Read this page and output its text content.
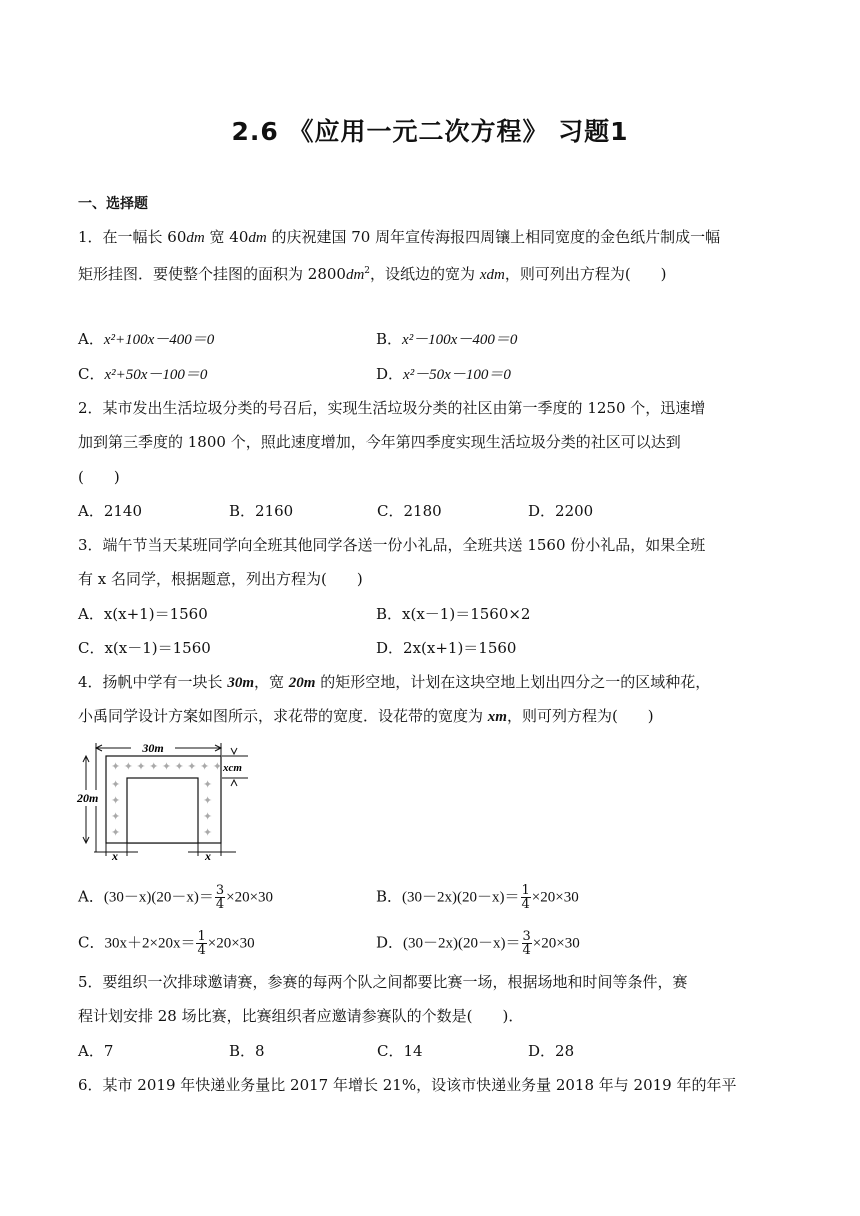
2.6 《应用一元二次方程》 习题1
一、选择题
1．在一幅长 60dm 宽 40dm 的庆祝建国 70 周年宣传海报四周镶上相同宽度的金色纸片制成一幅
矩形挂图．要使整个挂图的面积为 $2800dm^2$，设纸边的宽为 xdm，则可列出方程为(　　)
A．x²+100x－400＝0	B．x²－100x－400＝0
C．x²+50x－100＝0	D．x²－50x－100＝0
2．某市发出生活垃圾分类的号召后，实现生活垃圾分类的社区由第一季度的 1250 个，迅速增
加到第三季度的 1800 个，照此速度增加，今年第四季度实现生活垃圾分类的社区可以达到
(　　)
A．2140	B．2160	C．2180	D．2200
3．端午节当天某班同学向全班其他同学各送一份小礼品，全班共送 1560 份小礼品，如果全班
有 x 名同学，根据题意，列出方程为(　　)
A．x(x+1)＝1560	B．x(x－1)＝1560×2
C．x(x－1)＝1560	D．2x(x+1)＝1560
4．扬帆中学有一块长 30m，宽 20m 的矩形空地，计划在这块空地上划出四分之一的区域种花，
小禹同学设计方案如图所示，求花带的宽度．设花带的宽度为 xm，则可列方程为(　　)
30m
20m
✦ ✦ ✦ ✦ ✦ ✦ ✦ ✦ ✦
✦
✦
✦
✦
✦
✦
✦
✦
xcm
x	x
A．$(30-x)(20-x)= \frac{3}{4} \times 20\times 30$	B．$(30-2x)(20-x)= \frac{1}{4} \times 20\times 30$
C．$30x+2\times 20x= \frac{1}{4} \times 20\times 30$	D．$(30-2x)(20-x)= \frac{3}{4} \times 20\times 30$
5．要组织一次排球邀请赛，参赛的每两个队之间都要比赛一场，根据场地和时间等条件，赛
程计划安排 28 场比赛，比赛组织者应邀请参赛队的个数是(　　)．
A．7	B．8	C．14	D．28
6．某市 2019 年快递业务量比 2017 年增长 21%，设该市快递业务量 2018 年与 2019 年的年平
